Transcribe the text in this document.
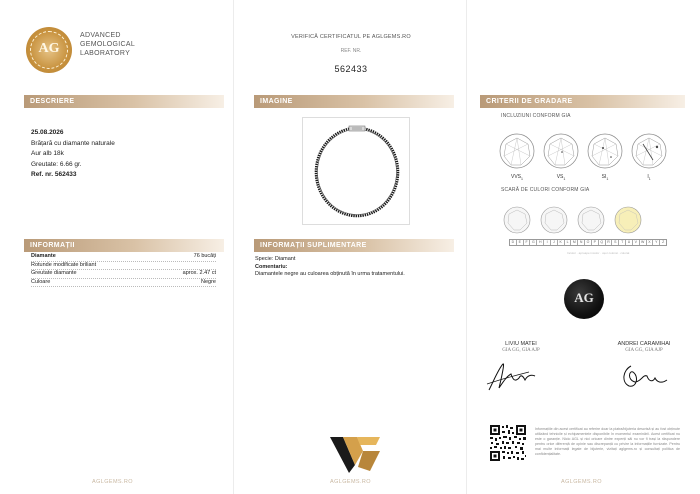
AG
ADVANCED
GEMOLOGICAL
LABORATORY
DESCRIERE
25.08.2026
Brățară cu diamante naturale
Aur alb 18k
Greutate: 6.66 gr.
Ref. nr. 562433
INFORMAȚII
Diamante	76 bucăți
Rotunde modificate briliant
Greutate diamante	aprox. 2.47 ct
Culoare	Negre
AGLGEMS.RO
VERIFICĂ CERTIFICATUL PE AGLGEMS.RO
REF. NR.
562433
IMAGINE
INFORMAȚII SUPLIMENTARE
Specie: Diamant
Comentariu:
Diamantele negre au culoarea obținută în urma tratamentului.
AGLGEMS.RO
CRITERII DE GRADARE
INCLUZIUNI CONFORM GIA
$VVS_1$	$VS_1$	$SI_1$	$I_1$
SCARĂ DE CULORI CONFORM GIA
D	E	F	G	H	I	J	K	L	M	N	O	P	Q	R	S	T	U	V	W	X	Y	Z
Incolor · aproape incolor · ușor colorat · colorat
AG
LIVIU MATEI
GIA GG, GIA AJP
ANDREI CARAMIHAI
GIA GG, GIA AJP
Informațiile din acest certificat au referire doar la piatra/bijuteria descrisă și au fost obținute utilizând tehnicile și echipamentele disponibile în momentul examinării. Acest certificat nu este o garanție. Nicio AGL și nici oricare dintre experții săi nu vor fi trași la răspundere pentru orice diferență de opinie sau discrepanță cu privire la informațiile furnizate. Pentru mai multe informații legate de bijuterie, vizitați aglgems.ro și consultați politica de confidențialitate.
AGLGEMS.RO
